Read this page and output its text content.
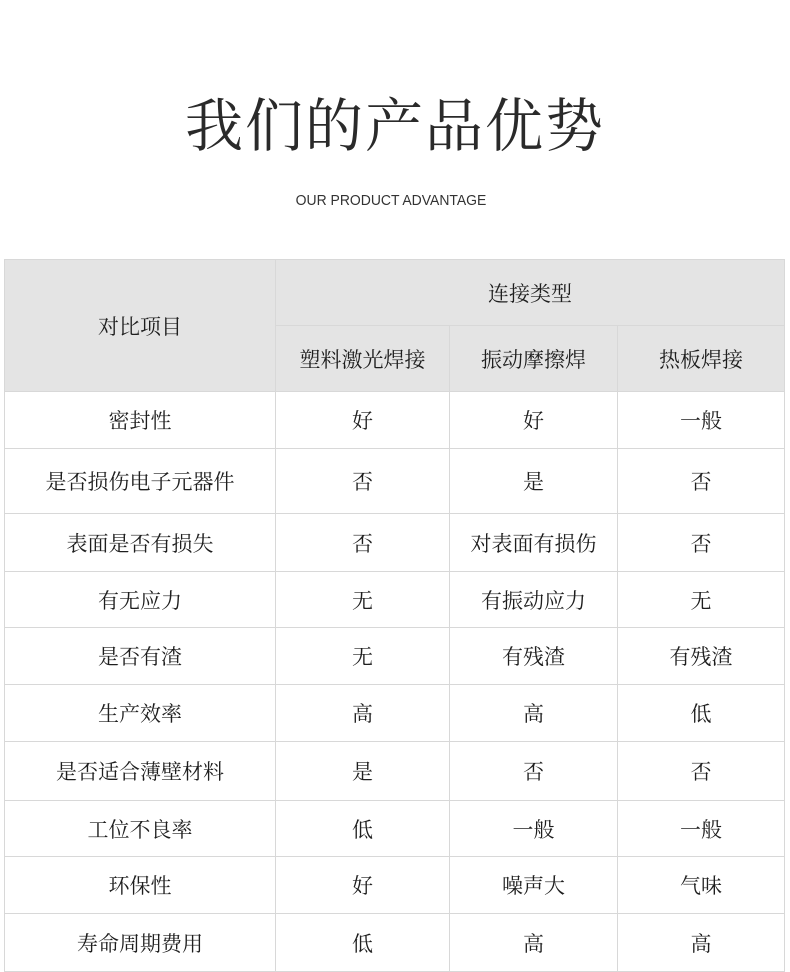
我们的产品优势
OUR PRODUCT ADVANTAGE
对比项目	连接类型		
	塑料激光焊接	振动摩擦焊	热板焊接
密封性	好	好	一般
是否损伤电子元器件	否	是	否
表面是否有损失	否	对表面有损伤	否
有无应力	无	有振动应力	无
是否有渣	无	有残渣	有残渣
生产效率	高	高	低
是否适合薄壁材料	是	否	否
工位不良率	低	一般	一般
环保性	好	噪声大	气味
寿命周期费用	低	高	高
